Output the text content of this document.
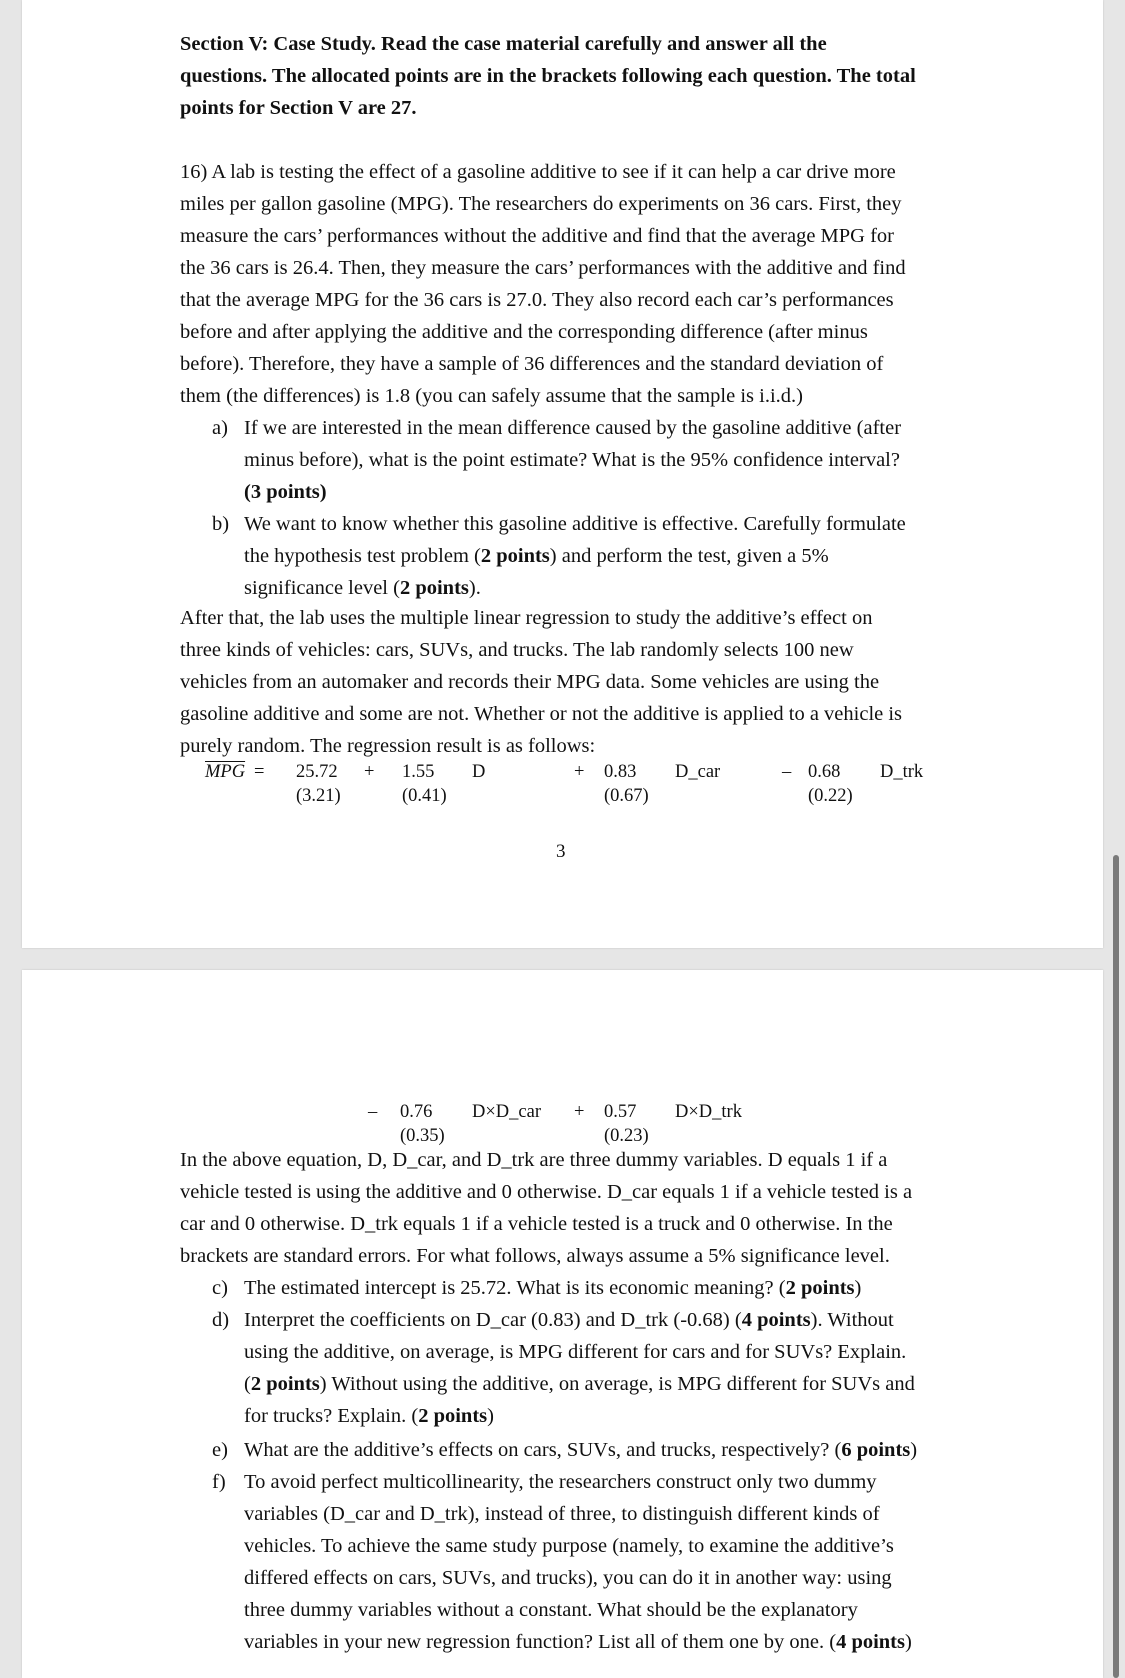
Section V: Case Study. Read the case material carefully and answer all the
questions. The allocated points are in the brackets following each question. The total
points for Section V are 27.
16) A lab is testing the effect of a gasoline additive to see if it can help a car drive more
miles per gallon gasoline (MPG). The researchers do experiments on 36 cars. First, they
measure the cars’ performances without the additive and find that the average MPG for
the 36 cars is 26.4. Then, they measure the cars’ performances with the additive and find
that the average MPG for the 36 cars is 27.0. They also record each car’s performances
before and after applying the additive and the corresponding difference (after minus
before). Therefore, they have a sample of 36 differences and the standard deviation of
them (the differences) is 1.8 (you can safely assume that the sample is i.i.d.)
a) If we are interested in the mean difference caused by the gasoline additive (after
minus before), what is the point estimate? What is the 95% confidence interval?
(3 points)
b) We want to know whether this gasoline additive is effective. Carefully formulate
the hypothesis test problem (2 points) and perform the test, given a 5%
significance level (2 points).
After that, the lab uses the multiple linear regression to study the additive’s effect on
three kinds of vehicles: cars, SUVs, and trucks. The lab randomly selects 100 new
vehicles from an automaker and records their MPG data. Some vehicles are using the
gasoline additive and some are not. Whether or not the additive is applied to a vehicle is
purely random. The regression result is as follows:
$\overline{MPG} = 25.72$
(3.21)
+ 1.55
(0.41)
D	+ 0.83
(0.67)
D_car	– 0.68
(0.22)
D_trk
3
– 0.76
(0.35)
D×D_car + 0.57
(0.23)
D×D_trk
In the above equation, D, D_car, and D_trk are three dummy variables. D equals 1 if a
vehicle tested is using the additive and 0 otherwise. D_car equals 1 if a vehicle tested is a
car and 0 otherwise. D_trk equals 1 if a vehicle tested is a truck and 0 otherwise. In the
brackets are standard errors. For what follows, always assume a 5% significance level.
c) The estimated intercept is 25.72. What is its economic meaning? (2 points)
d) Interpret the coefficients on D_car (0.83) and D_trk (-0.68) (4 points). Without
using the additive, on average, is MPG different for cars and for SUVs? Explain.
(2 points) Without using the additive, on average, is MPG different for SUVs and
for trucks? Explain. (2 points)
e) What are the additive’s effects on cars, SUVs, and trucks, respectively? (6 points)
f) To avoid perfect multicollinearity, the researchers construct only two dummy
variables (D_car and D_trk), instead of three, to distinguish different kinds of
vehicles. To achieve the same study purpose (namely, to examine the additive’s
differed effects on cars, SUVs, and trucks), you can do it in another way: using
three dummy variables without a constant. What should be the explanatory
variables in your new regression function? List all of them one by one. (4 points)
